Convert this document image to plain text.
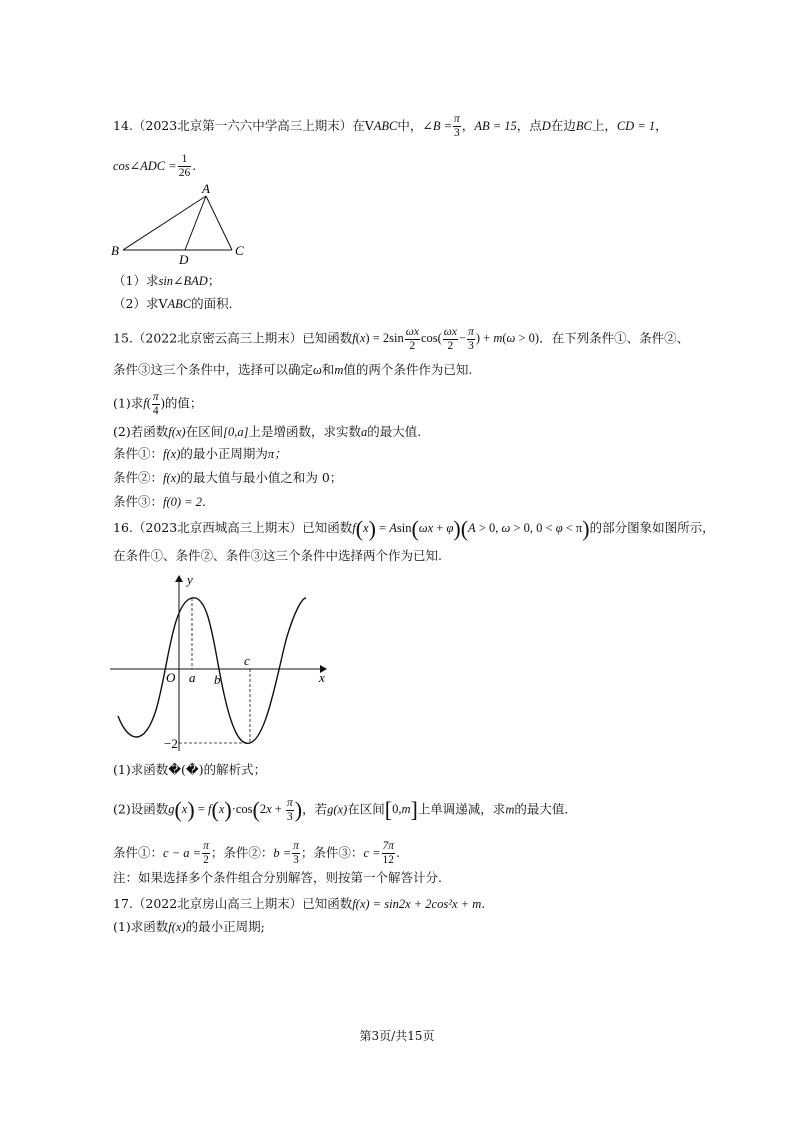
14.（2023北京第一六六中学高三上期末）在VABC中，∠B = $\frac{\pi}{3}$ ，AB = 15，点D在边BC上，CD = 1，
cos∠ADC = $\frac{1}{26}$ .
A
B	C
D
（1）求sin∠BAD；
（2）求VABC的面积.
15.（2022北京密云高三上期末）已知函数$f(x) = 2\sin \frac{\omega x}{2} \cos( \frac{\omega x}{2} - \frac{\pi}{3}$ ) + m(ω > 0)．在下列条件①、条件②、
条件③这三个条件中，选择可以确定ω和m值的两个条件作为已知.
(1)求$f( \frac{\pi}{4}$ )的值；
(2)若函数f(x)在区间[0,a]上是增函数，求实数a的最大值.
条件①：f(x)的最小正周期为π；
条件②：f(x)的最大值与最小值之和为 0；
条件③：f(0) = 2.
16.（2023北京西城高三上期末）已知函数f(x) = Asin(ωx + φ)(A > 0, ω > 0, 0 < φ < π)的部分图象如图所示，
在条件①、条件②、条件③这三个条件中选择两个作为已知.
y
x
O a b
c
−2
(1)求函数�(�)的解析式；
(2)设函数$g(x) = f(x)\cdot\cos(2x + \frac{\pi}{3}$ )，若g(x)在区间[0,m]上单调递减，求m的最大值.
条件①：$c - a = \frac{\pi}{2}$ ；条件②：$b = \frac{\pi}{3}$ ；条件③：$c = \frac{7\pi}{12}$ .
注：如果选择多个条件组合分别解答，则按第一个解答计分.
17.（2022北京房山高三上期末）已知函数f(x) = sin2x + 2cos²x + m.
(1)求函数f(x)的最小正周期;
第3页/共15页
